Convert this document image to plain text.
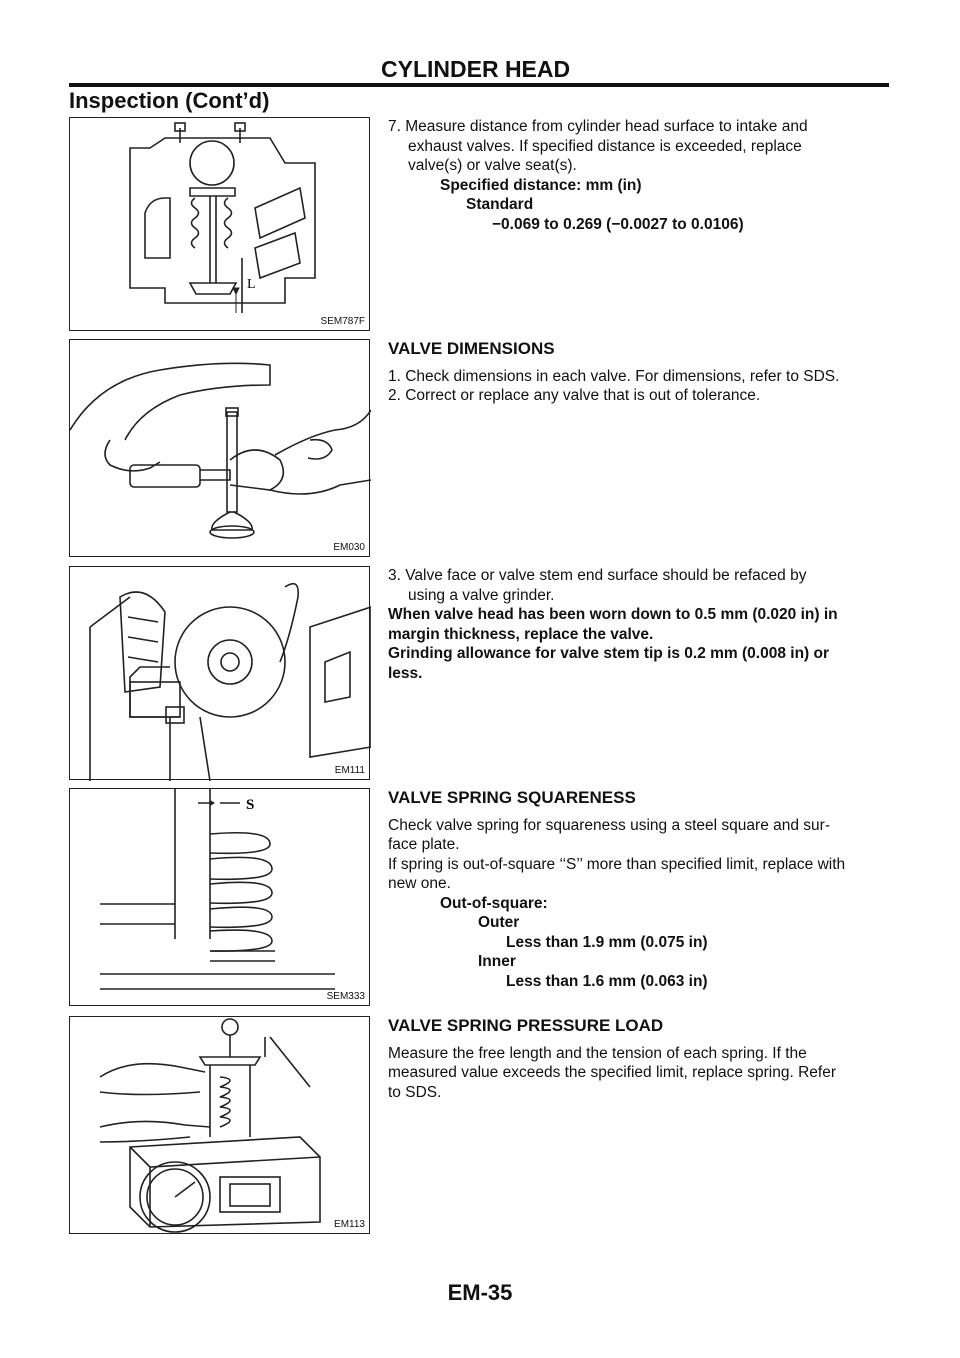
CYLINDER HEAD
Inspection (Cont’d)
L
SEM787F

7. Measure distance from cylinder head surface to intake and

exhaust valves. If specified distance is exceeded, replace

valve(s) or valve seat(s).

Specified distance: mm (in)

Standard

−0.069 to 0.269 (−0.0027 to 0.0106)

EM030

VALVE DIMENSIONS

1. Check dimensions in each valve. For dimensions, refer to SDS.

2. Correct or replace any valve that is out of tolerance.

EM111

3. Valve face or valve stem end surface should be refaced by

using a valve grinder.

When valve head has been worn down to 0.5 mm (0.020 in) in

margin thickness, replace the valve.

Grinding allowance for valve stem tip is 0.2 mm (0.008 in) or

less.

S
SEM333

VALVE SPRING SQUARENESS

Check valve spring for squareness using a steel square and sur-

face plate.

If spring is out-of-square ‘‘S’’ more than specified limit, replace with

new one.

Out-of-square:

Outer

Less than 1.9 mm (0.075 in)

Inner

Less than 1.6 mm (0.063 in)

EM113

VALVE SPRING PRESSURE LOAD

Measure the free length and the tension of each spring. If the

measured value exceeds the specified limit, replace spring. Refer

to SDS.

EM-35
